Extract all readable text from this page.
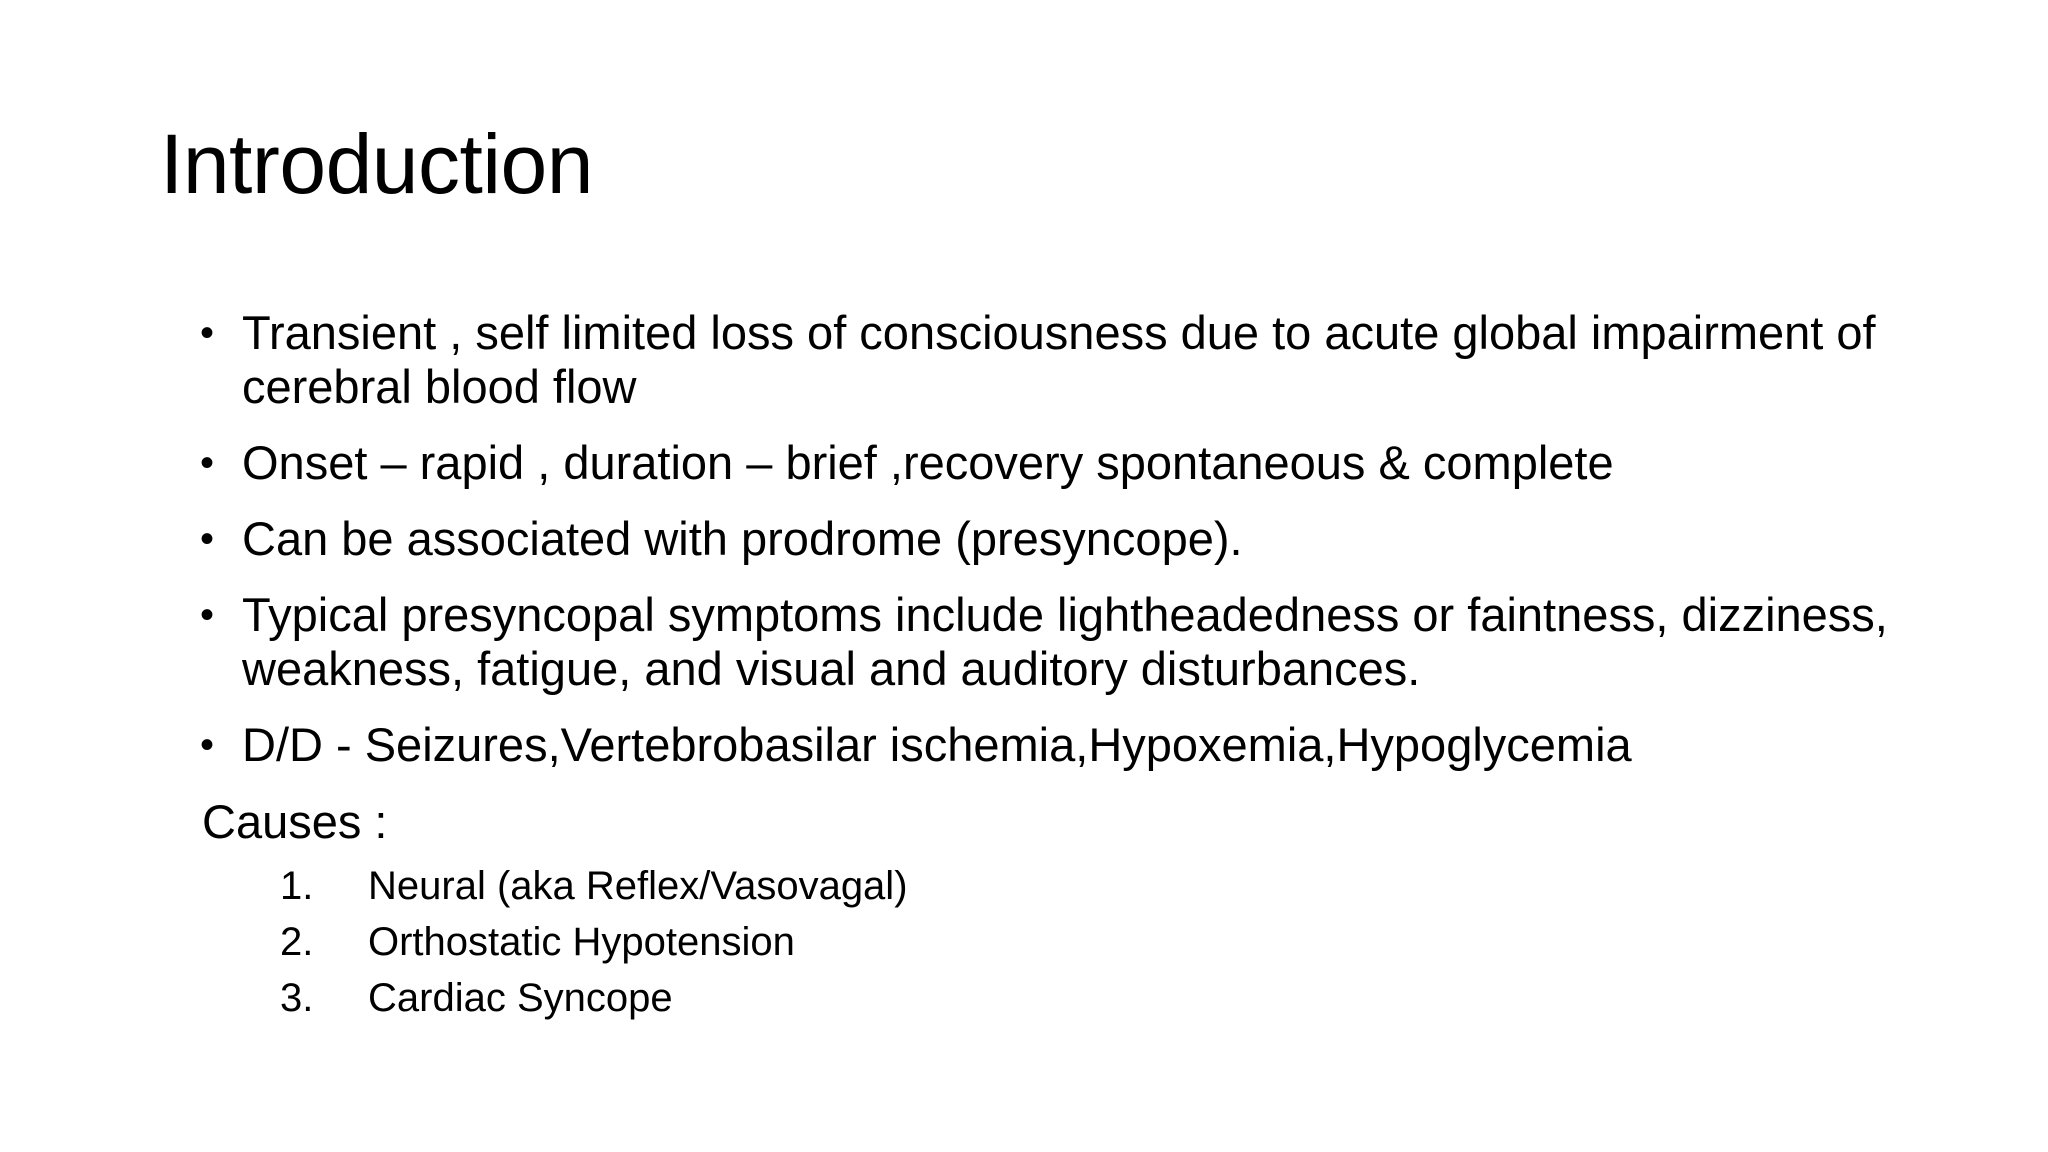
Introduction
• Transient , self limited loss of consciousness due to acute global impairment of cerebral blood flow
• Onset – rapid , duration – brief ,recovery spontaneous & complete
• Can be associated with prodrome (presyncope).
• Typical presyncopal symptoms include lightheadedness or faintness, dizziness, weakness, fatigue, and visual and auditory disturbances.
• D/D - Seizures,Vertebrobasilar ischemia,Hypoxemia,Hypoglycemia

Causes :

1.	Neural (aka Reflex/Vasovagal)
2.	Orthostatic Hypotension
3.	Cardiac Syncope
